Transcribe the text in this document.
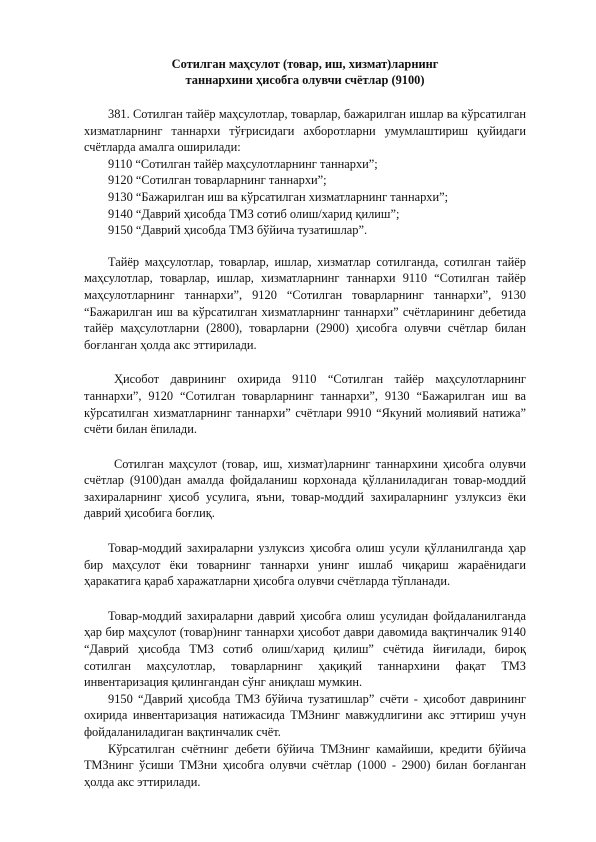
Сотилган маҳсулот (товар, иш, хизмат)ларнинг
таннархини ҳисобга олувчи счётлар (9100)

381. Сотилган тайёр маҳсулотлар, товарлар, бажарилган ишлар ва кўрсатилган хизматларнинг таннархи тўғрисидаги ахборотларни умумлаштириш қуйидаги счётларда амалга оширилади:

9110 “Сотилган тайёр маҳсулотларнинг таннархи”;

9120 “Сотилган товарларнинг таннархи”;

9130 “Бажарилган иш ва кўрсатилган хизматларнинг таннархи”;

9140 “Даврий ҳисобда ТМЗ сотиб олиш/харид қилиш”;

9150 “Даврий ҳисобда ТМЗ бўйича тузатишлар”.

Тайёр маҳсулотлар, товарлар, ишлар, хизматлар сотилганда, сотилган тайёр маҳсулотлар, товарлар, ишлар, хизматларнинг таннархи 9110 “Сотилган тайёр маҳсулотларнинг таннархи”, 9120 “Сотилган товарларнинг таннархи”, 9130 “Бажарилган иш ва кўрсатилган хизматларнинг таннархи” счётларининг дебетида тайёр маҳсулотларни (2800), товарларни (2900) ҳисобга олувчи счётлар билан боғланган ҳолда акс эттирилади.

Ҳисобот даврининг охирида 9110 “Сотилган тайёр маҳсулотларнинг таннархи”, 9120 “Сотилган товарларнинг таннархи”, 9130 “Бажарилган иш ва кўрсатилган хизматларнинг таннархи” счётлари 9910 “Якуний молиявий натижа” счёти билан ёпилади.

Сотилган маҳсулот (товар, иш, хизмат)ларнинг таннархини ҳисобга олувчи счётлар (9100)дан амалда фойдаланиш корхонада қўлланиладиган товар-моддий захираларнинг ҳисоб усулига, яъни, товар-моддий захираларнинг узлуксиз ёки даврий ҳисобига боғлиқ.

Товар-моддий захираларни узлуксиз ҳисобга олиш усули қўлланилганда ҳар бир маҳсулот ёки товарнинг таннархи унинг ишлаб чиқариш жараёнидаги ҳаракатига қараб харажатларни ҳисобга олувчи счётларда тўпланади.

Товар-моддий захираларни даврий ҳисобга олиш усулидан фойдаланилганда ҳар бир маҳсулот (товар)нинг таннархи ҳисобот даври давомида вақтинчалик 9140 “Даврий ҳисобда ТМЗ сотиб олиш/харид қилиш” счётида йиғилади, бироқ сотилган маҳсулотлар, товарларнинг ҳақиқий таннархини фақат ТМЗ инвентаризация қилингандан сўнг аниқлаш мумкин.

9150 “Даврий ҳисобда ТМЗ бўйича тузатишлар” счёти - ҳисобот даврининг охирида инвентаризация натижасида ТМЗнинг мавжудлигини акс эттириш учун фойдаланиладиган вақтинчалик счёт.

Кўрсатилган счётнинг дебети бўйича ТМЗнинг камайиши, кредити бўйича ТМЗнинг ўсиши ТМЗни ҳисобга олувчи счётлар (1000 - 2900) билан боғланган ҳолда акс эттирилади.
